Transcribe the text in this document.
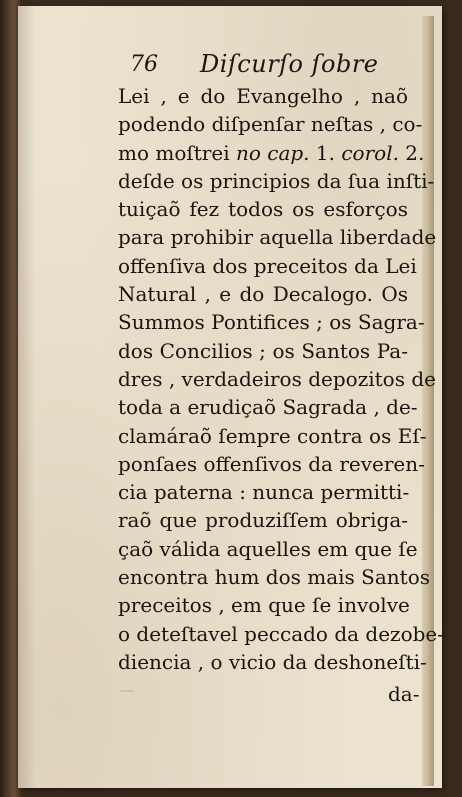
76 Diſcurſo ſobre
Lei , e do Evangelho , naõ
podendo diſpenſar neſtas , co-
mo moſtrei no cap. 1. corol. 2.
deſde os principios da ſua inſti-
tuiçaõ fez todos os esforços
para prohibir aquella liberdade
offenſiva dos preceitos da Lei
Natural , e do Decalogo. Os
Summos Pontifices ; os Sagra-
dos Concilios ; os Santos Pa-
dres , verdadeiros depozitos de
toda a erudiçaõ Sagrada , de-
clamáraõ ſempre contra os Eſ-
ponſaes offenſivos da reveren-
cia paterna : nunca permitti-
raõ que produziſſem obriga-
çaõ válida aquelles em que ſe
encontra hum dos mais Santos
preceitos , em que ſe involve
o deteſtavel peccado da dezobe-
diencia , o vicio da deshoneſti-
—	da-
